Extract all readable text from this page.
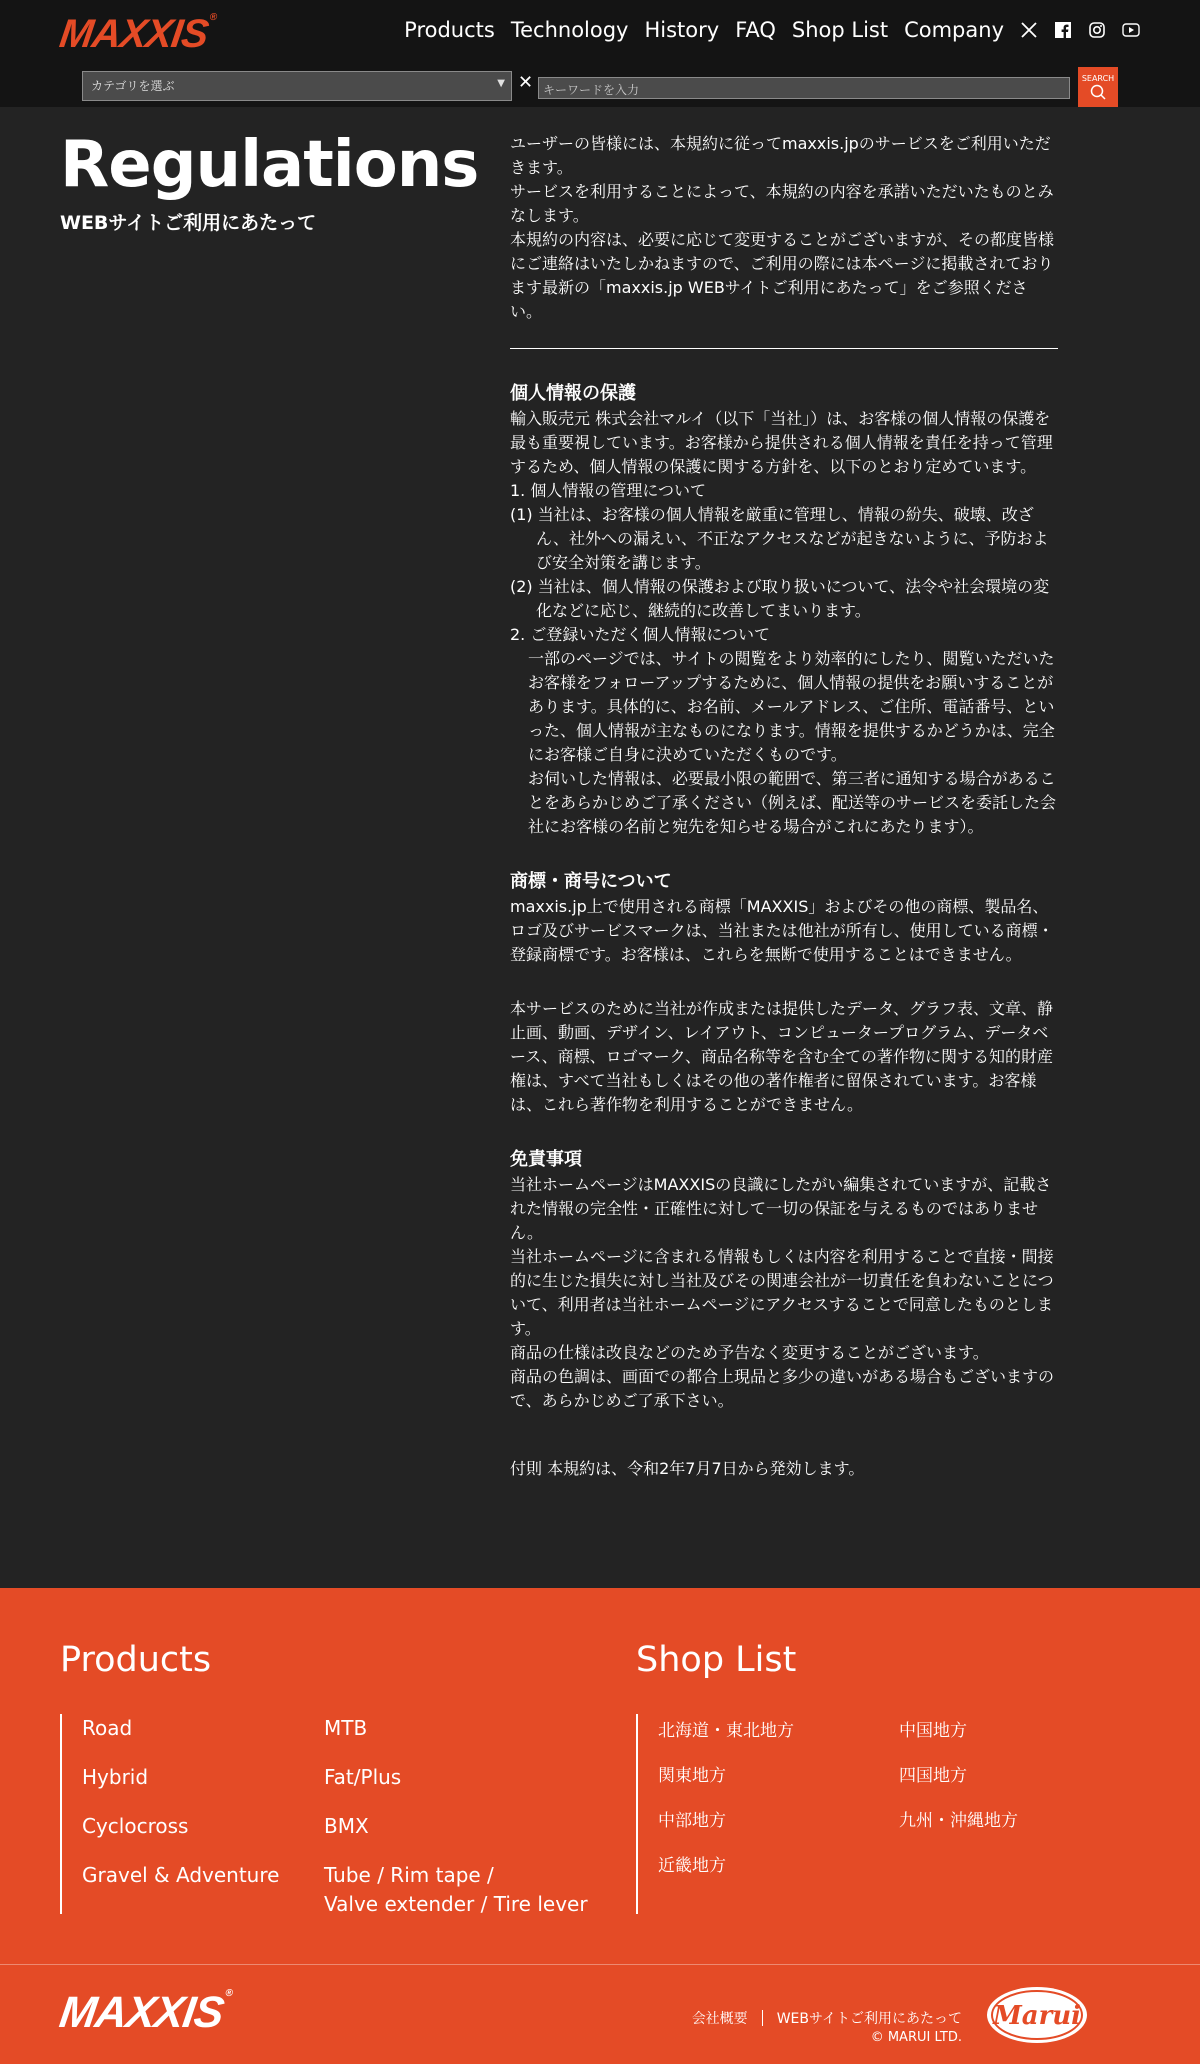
MAXXIS®
Products Technology History FAQ Shop List Company
カテゴリを選ぶ	▼ ✕ キーワードを入力
SEARCH
Regulations
WEBサイトご利用にあたって

ユーザーの皆様には、本規約に従ってmaxxis.jpのサービスをご利用いただきます。

サービスを利用することによって、本規約の内容を承諾いただいたものとみなします。

本規約の内容は、必要に応じて変更することがございますが、その都度皆様にご連絡はいたしかねますので、ご利用の際には本ページに掲載されております最新の「maxxis.jp WEBサイトご利用にあたって」をご参照ください。

個人情報の保護

輸入販売元 株式会社マルイ（以下「当社」）は、お客様の個人情報の保護を最も重要視しています。お客様から提供される個人情報を責任を持って管理するため、個人情報の保護に関する方針を、以下のとおり定めています。

1. 個人情報の管理について

(1) 当社は、お客様の個人情報を厳重に管理し、情報の紛失、破壊、改ざん、社外への漏えい、不正なアクセスなどが起きないように、予防および安全対策を講じます。

(2) 当社は、個人情報の保護および取り扱いについて、法令や社会環境の変化などに応じ、継続的に改善してまいります。

2. ご登録いただく個人情報について

一部のページでは、サイトの閲覧をより効率的にしたり、閲覧いただいたお客様をフォローアップするために、個人情報の提供をお願いすることがあります。具体的に、お名前、メールアドレス、ご住所、電話番号、といった、個人情報が主なものになります。情報を提供するかどうかは、完全にお客様ご自身に決めていただくものです。

お伺いした情報は、必要最小限の範囲で、第三者に通知する場合があることをあらかじめご了承ください（例えば、配送等のサービスを委託した会社にお客様の名前と宛先を知らせる場合がこれにあたります）。

商標・商号について

maxxis.jp上で使用される商標「MAXXIS」およびその他の商標、製品名、ロゴ及びサービスマークは、当社または他社が所有し、使用している商標・登録商標です。お客様は、これらを無断で使用することはできません。

本サービスのために当社が作成または提供したデータ、グラフ表、文章、静止画、動画、デザイン、レイアウト、コンピュータープログラム、データベース、商標、ロゴマーク、商品名称等を含む全ての著作物に関する知的財産権は、すべて当社もしくはその他の著作権者に留保されています。お客様は、これら著作物を利用することができません。

免責事項

当社ホームページはMAXXISの良識にしたがい編集されていますが、記載された情報の完全性・正確性に対して一切の保証を与えるものではありません。

当社ホームページに含まれる情報もしくは内容を利用することで直接・間接的に生じた損失に対し当社及びその関連会社が一切責任を負わないことについて、利用者は当社ホームページにアクセスすることで同意したものとします。

商品の仕様は改良などのため予告なく変更することがございます。

商品の色調は、画面での都合上現品と多少の違いがある場合もございますので、あらかじめご了承下さい。

付則 本規約は、令和2年7月7日から発効します。

Products
Road
Hybrid
Cyclocross
Gravel & Adventure
MTB
Fat/Plus
BMX
Tube / Rim tape /
Valve extender / Tire lever
Shop List
北海道・東北地方
関東地方
中部地方
近畿地方
中国地方
四国地方
九州・沖縄地方
MAXXIS®
会社概要 WEBサイトご利用にあたって
© MARUI LTD.
Marui
